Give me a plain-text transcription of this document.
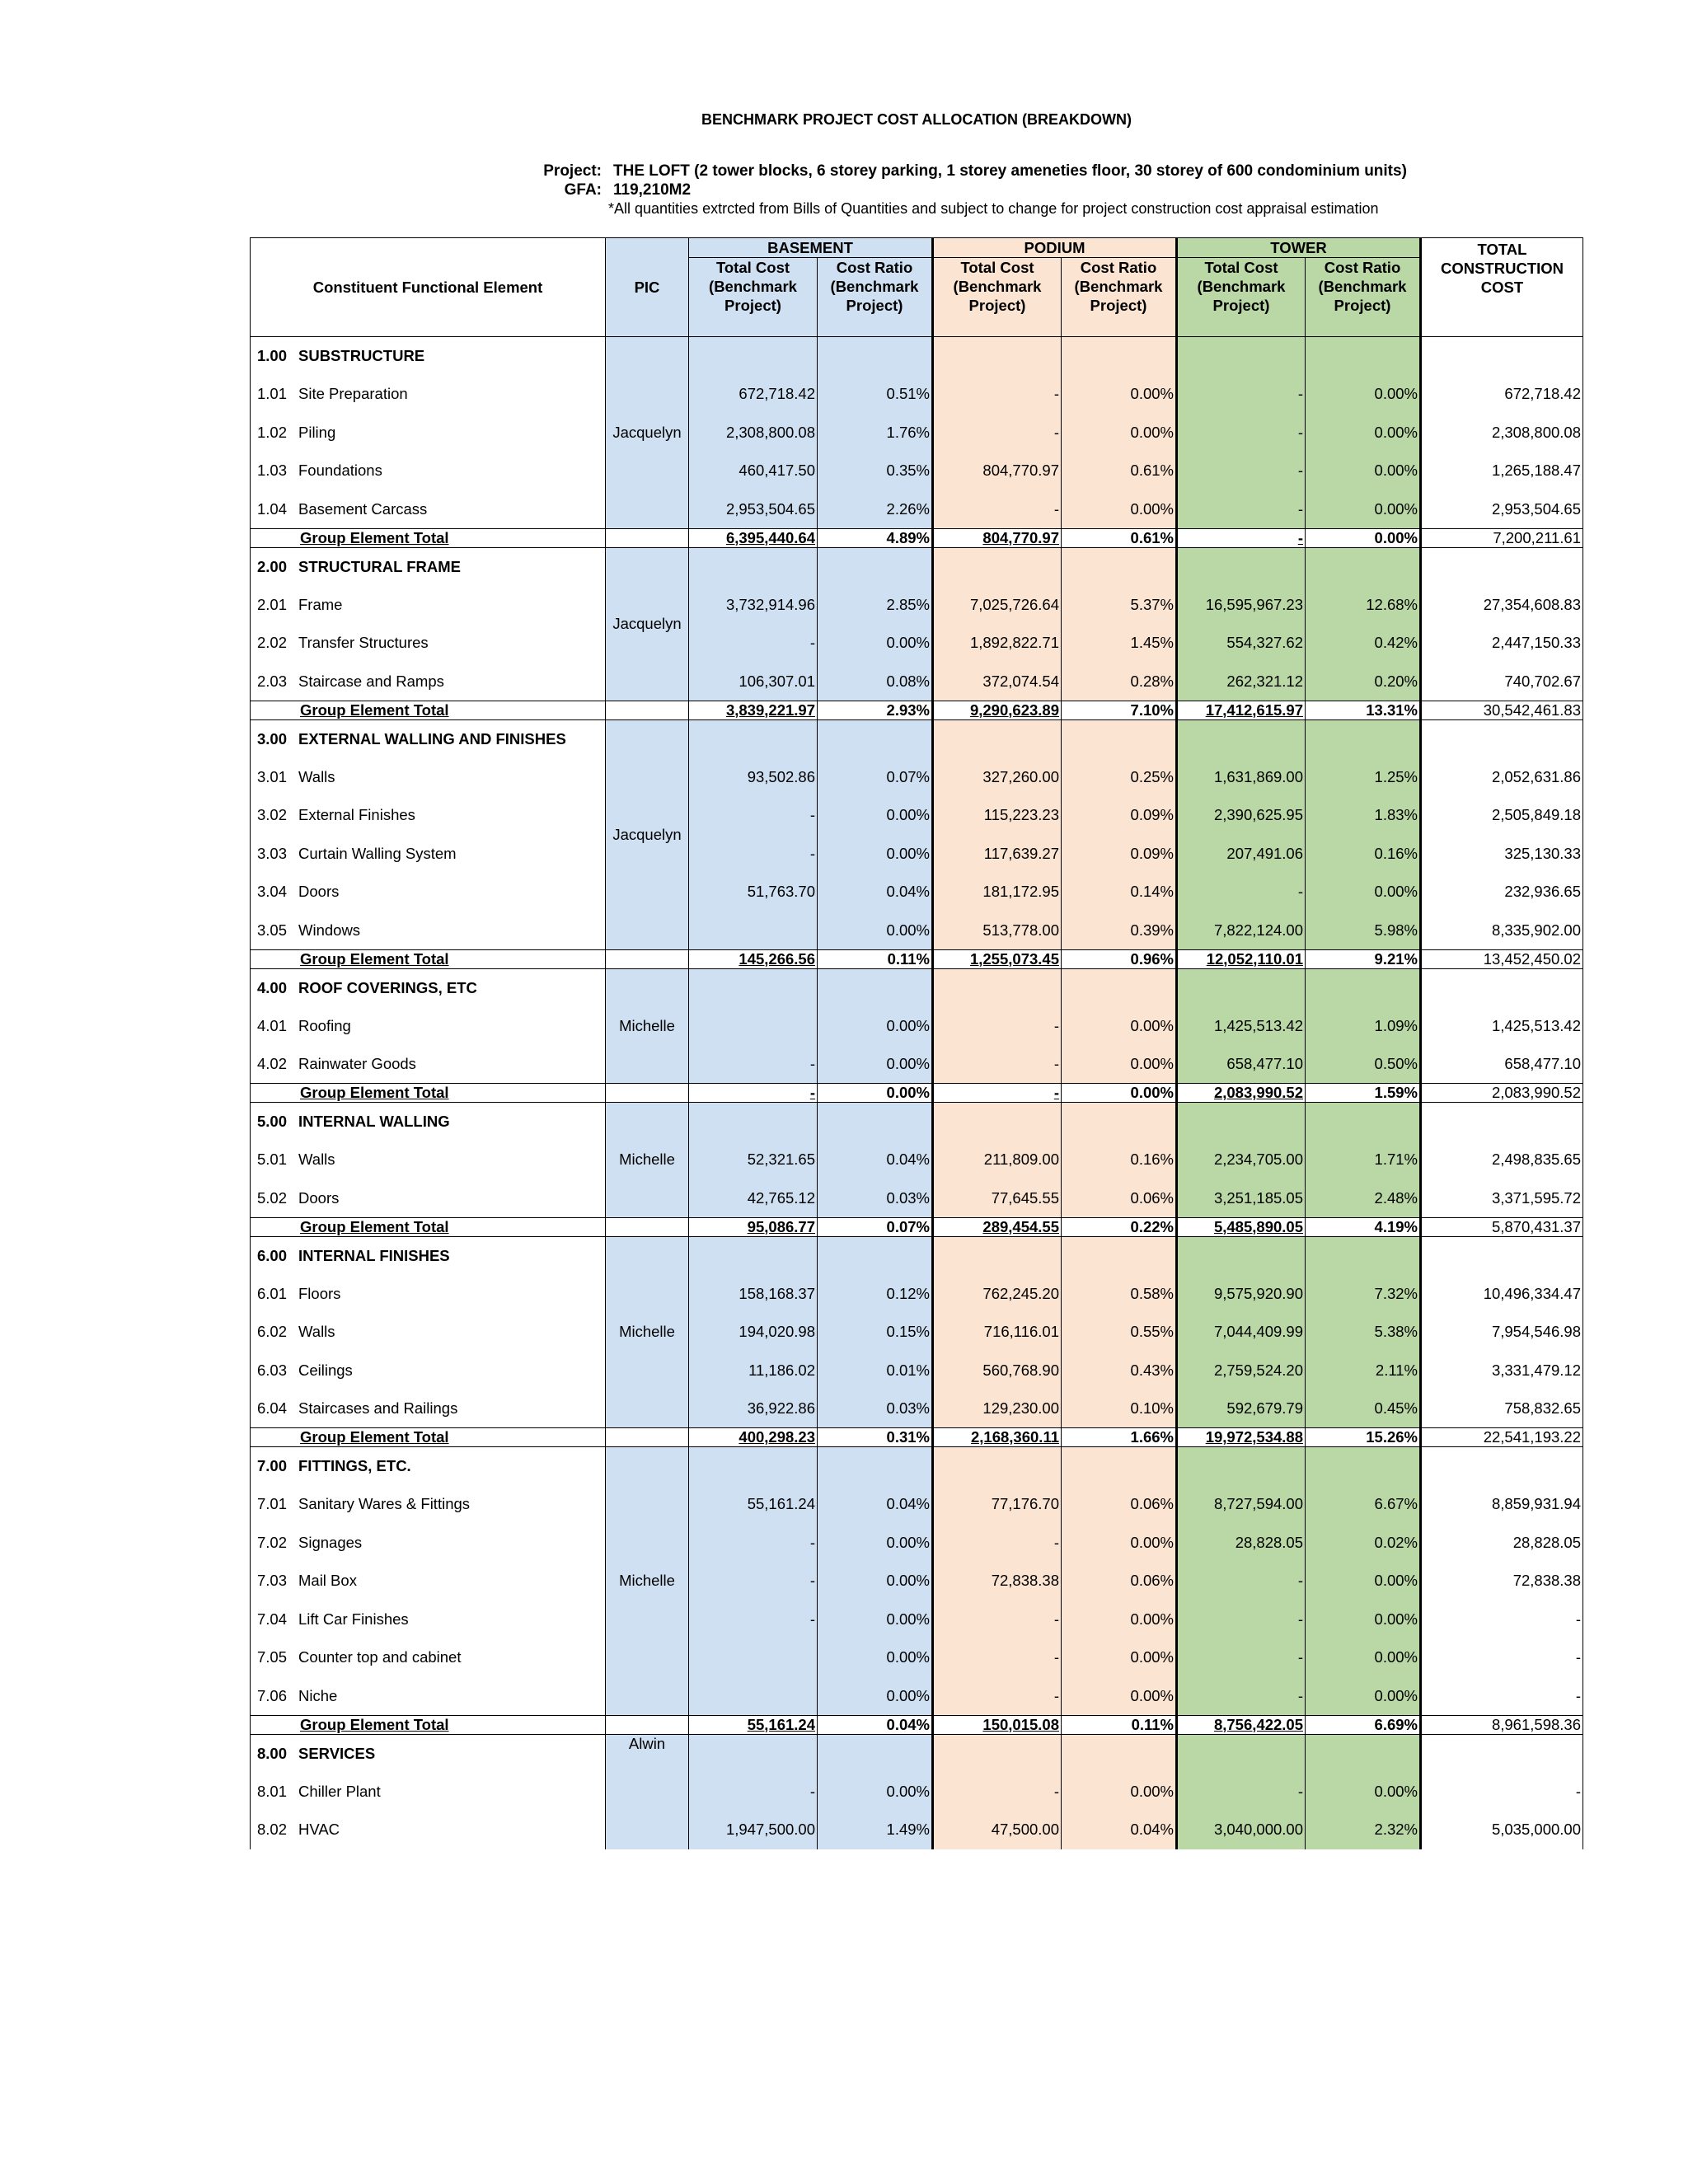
BENCHMARK PROJECT COST ALLOCATION (BREAKDOWN)
Project: THE LOFT (2 tower blocks, 6 storey parking, 1 storey ameneties floor, 30 storey of 600 condominium units)
GFA: 119,210M2
*All quantities extrcted from Bills of Quantities and subject to change for project construction cost appraisal estimation
Constituent Functional Element	PIC	BASEMENT		PODIUM		TOWER		TOTAL CONSTRUCTION COST
		Total Cost (Benchmark Project)	Cost Ratio (Benchmark Project)	Total Cost (Benchmark Project)	Cost Ratio (Benchmark Project)	Total Cost (Benchmark Project)	Cost Ratio (Benchmark Project)	
1.00 SUBSTRUCTURE	Jacquelyn							
1.01 Site Preparation		672,718.42	0.51%	-	0.00%	-	0.00%	672,718.42
1.02 Piling		2,308,800.08	1.76%	-	0.00%	-	0.00%	2,308,800.08
1.03 Foundations		460,417.50	0.35%	804,770.97	0.61%	-	0.00%	1,265,188.47
1.04 Basement Carcass		2,953,504.65	2.26%	-	0.00%	-	0.00%	2,953,504.65
Group Element Total		6,395,440.64	4.89%	804,770.97	0.61%	-	0.00%	7,200,211.61
2.00 STRUCTURAL FRAME	Jacquelyn							
2.01 Frame		3,732,914.96	2.85%	7,025,726.64	5.37%	16,595,967.23	12.68%	27,354,608.83
2.02 Transfer Structures		-	0.00%	1,892,822.71	1.45%	554,327.62	0.42%	2,447,150.33
2.03 Staircase and Ramps		106,307.01	0.08%	372,074.54	0.28%	262,321.12	0.20%	740,702.67
Group Element Total		3,839,221.97	2.93%	9,290,623.89	7.10%	17,412,615.97	13.31%	30,542,461.83
3.00 EXTERNAL WALLING AND FINISHES	Jacquelyn							
3.01 Walls		93,502.86	0.07%	327,260.00	0.25%	1,631,869.00	1.25%	2,052,631.86
3.02 External Finishes		-	0.00%	115,223.23	0.09%	2,390,625.95	1.83%	2,505,849.18
3.03 Curtain Walling System		-	0.00%	117,639.27	0.09%	207,491.06	0.16%	325,130.33
3.04 Doors		51,763.70	0.04%	181,172.95	0.14%	-	0.00%	232,936.65
3.05 Windows			0.00%	513,778.00	0.39%	7,822,124.00	5.98%	8,335,902.00
Group Element Total		145,266.56	0.11%	1,255,073.45	0.96%	12,052,110.01	9.21%	13,452,450.02
4.00 ROOF COVERINGS, ETC	Michelle							
4.01 Roofing			0.00%	-	0.00%	1,425,513.42	1.09%	1,425,513.42
4.02 Rainwater Goods		-	0.00%	-	0.00%	658,477.10	0.50%	658,477.10
Group Element Total		-	0.00%	-	0.00%	2,083,990.52	1.59%	2,083,990.52
5.00 INTERNAL WALLING	Michelle							
5.01 Walls		52,321.65	0.04%	211,809.00	0.16%	2,234,705.00	1.71%	2,498,835.65
5.02 Doors		42,765.12	0.03%	77,645.55	0.06%	3,251,185.05	2.48%	3,371,595.72
Group Element Total		95,086.77	0.07%	289,454.55	0.22%	5,485,890.05	4.19%	5,870,431.37
6.00 INTERNAL FINISHES	Michelle							
6.01 Floors		158,168.37	0.12%	762,245.20	0.58%	9,575,920.90	7.32%	10,496,334.47
6.02 Walls		194,020.98	0.15%	716,116.01	0.55%	7,044,409.99	5.38%	7,954,546.98
6.03 Ceilings		11,186.02	0.01%	560,768.90	0.43%	2,759,524.20	2.11%	3,331,479.12
6.04 Staircases and Railings		36,922.86	0.03%	129,230.00	0.10%	592,679.79	0.45%	758,832.65
Group Element Total		400,298.23	0.31%	2,168,360.11	1.66%	19,972,534.88	15.26%	22,541,193.22
7.00 FITTINGS, ETC.	Michelle							
7.01 Sanitary Wares & Fittings		55,161.24	0.04%	77,176.70	0.06%	8,727,594.00	6.67%	8,859,931.94
7.02 Signages		-	0.00%	-	0.00%	28,828.05	0.02%	28,828.05
7.03 Mail Box		-	0.00%	72,838.38	0.06%	-	0.00%	72,838.38
7.04 Lift Car Finishes		-	0.00%	-	0.00%	-	0.00%	-
7.05 Counter top and cabinet			0.00%	-	0.00%	-	0.00%	-
7.06 Niche			0.00%	-	0.00%	-	0.00%	-
Group Element Total		55,161.24	0.04%	150,015.08	0.11%	8,756,422.05	6.69%	8,961,598.36
8.00 SERVICES	Alwin							
8.01 Chiller Plant		-	0.00%	-	0.00%	-	0.00%	-
8.02 HVAC		1,947,500.00	1.49%	47,500.00	0.04%	3,040,000.00	2.32%	5,035,000.00
